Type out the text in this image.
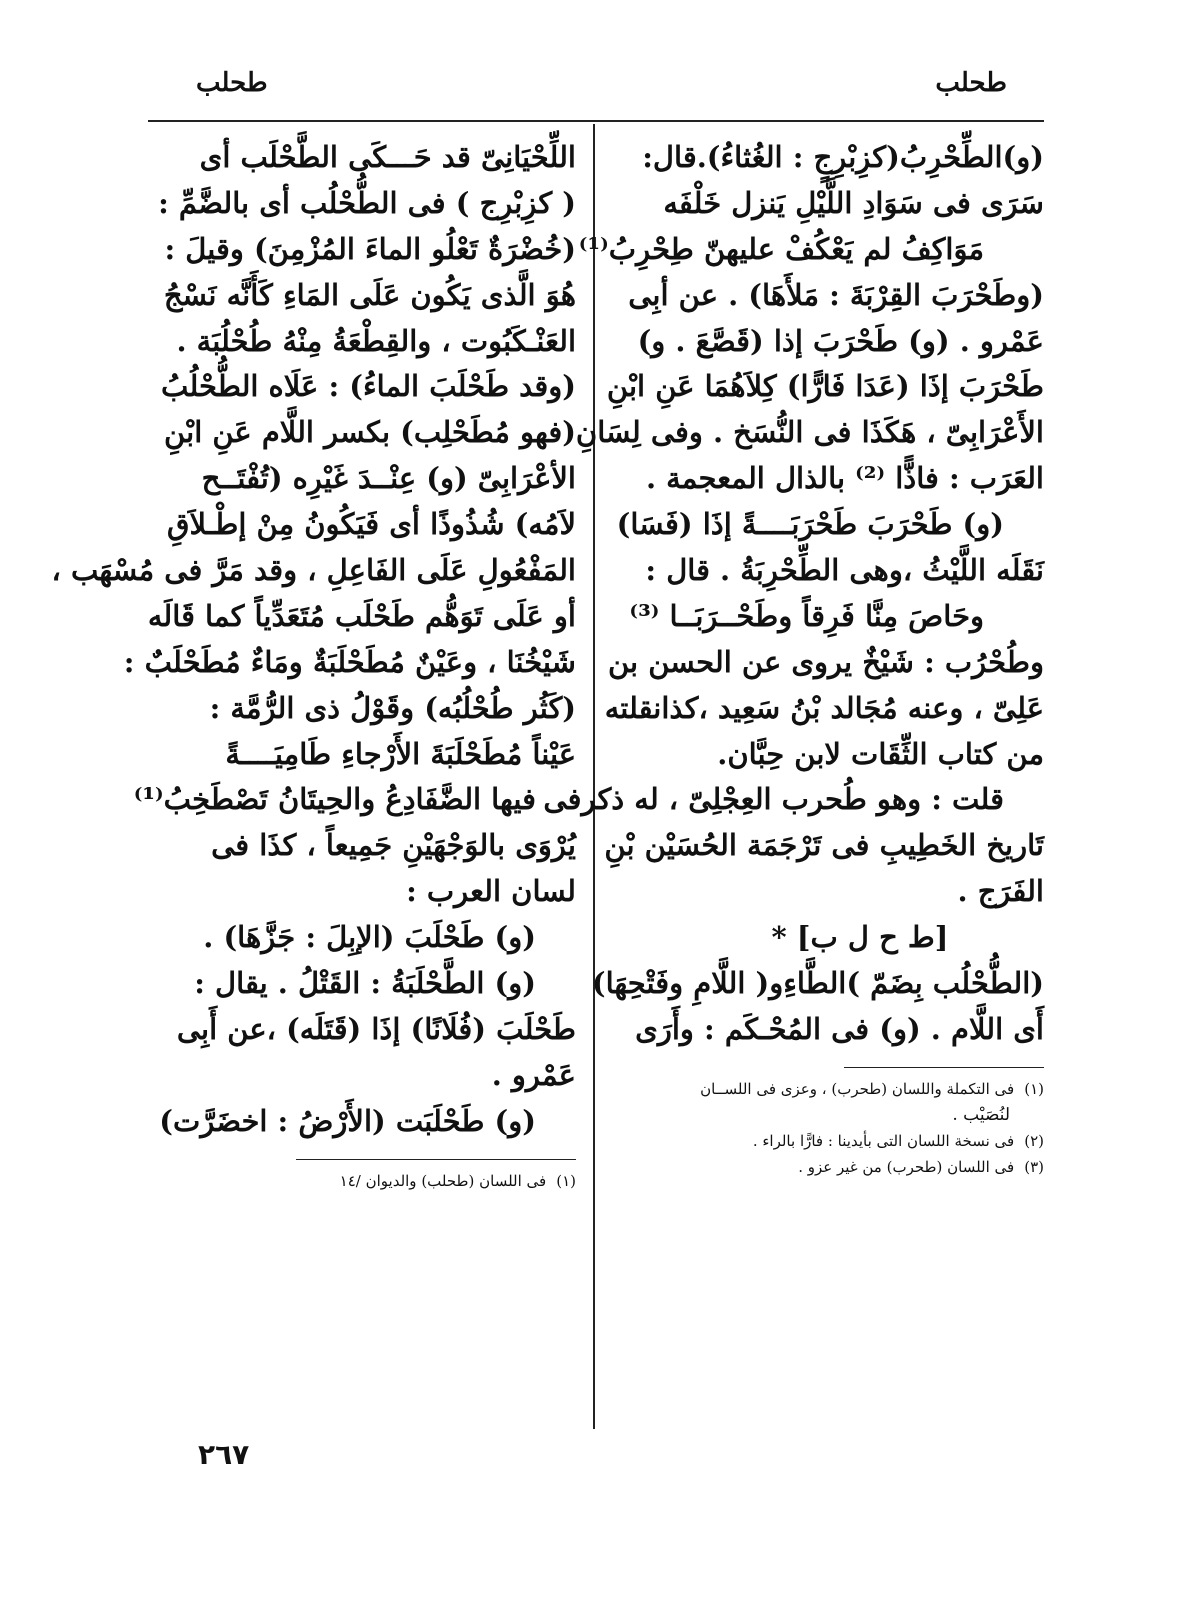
طحلب
طحلب
(و)الطِّحْرِبُ(كزِبْرِجٍ : الغُثاءُ).قال:
سَرَى فى سَوَادِ اللَّيْلِ يَنزل خَلْفَه
مَوَاكِفُ لم يَعْكُفْ عليهنّ طِحْرِبُ⁽¹⁾
(وطَحْرَبَ القِرْبَةَ : مَلأَهَا) . عن أبِى
عَمْرو . (و) طَحْرَبَ إذا (قَصَّعَ . و)
طَحْرَبَ إذَا (عَدَا فَارًّا) كِلاَهُمَا عَنِ ابْنِ
الأَعْرَابِىّ ، هَكَذَا فى النُّسَخ . وفى لِسَانِ
العَرَب : فاذًّا ⁽²⁾ بالذال المعجمة .
(و) طَحْرَبَ طَحْرَبَــــةً إذَا (فَسَا)
نَقَلَه اللَّيْثُ ،وهى الطِّحْرِبَةُ . قال :
وحَاصَ مِنَّا فَرِقاً وطَحْــرَبَــا ⁽³⁾
وطُحْرُب : شَيْخٌ يروى عن الحسن بن
عَلِىّ ، وعنه مُجَالد بْنُ سَعِيد ،كذانقلته
من كتاب الثِّقَات لابن حِبَّان.
قلت : وهو طُحرب العِجْلِىّ ، له ذكرفى
تَاريخ الخَطِيبِ فى تَرْجَمَة الحُسَيْن بْنِ
الفَرَج .
[ط ح ل ب] *
(الطُّحْلُب بِضَمّ )الطَّاءِو( اللَّامِ وفَتْحِهَا)
أَى اللَّام . (و) فى المُحْـكَم : وأَرَى
(١)فى التكملة واللسان (طحرب) ، وعزى فى اللســان
لنُصَيْب .
(٢)فى نسخة اللسان التى بأيدينا : فارًّا بالراء .
(٣)فى اللسان (طحرب) من غير عزو .
اللِّحْيَانِىّ قد حَـــكَى الطَّحْلَب أى
( كزِبْرِج ) فى الطُّحْلُب أى بالضَّمِّ :
(خُضْرَةٌ تَعْلُو الماءَ المُزْمِنَ) وقيلَ :
هُوَ الَّذى يَكُون عَلَى المَاءِ كَأَنَّه نَسْجُ
العَنْـكَبُوت ، والقِطْعَةُ مِنْهُ طُحْلُبَة .
(وقد طَحْلَبَ الماءُ) : عَلَاه الطُّحْلُبُ
(فهو مُطَحْلِب) بكسر اللَّام عَنِ ابْنِ
الأعْرَابِىّ (و) عِنْــدَ غَيْرِه (تُفْتَــح
لاَمُه) شُذُوذًا أى فَيَكُونُ مِنْ إطْـلاَقِ
المَفْعُولِ عَلَى الفَاعِلِ ، وقد مَرَّ فى مُسْهَب ،
أو عَلَى تَوَهُّم طَحْلَب مُتَعَدِّياً كما قَالَه
شَيْخُنَا ، وعَيْنٌ مُطَحْلَبَةٌ ومَاءٌ مُطَحْلَبٌ :
(كَثُر طُحْلُبُه) وقَوْلُ ذى الرُّمَّة :
عَيْناً مُطَحْلَبَةَ الأَرْجاءِ طَامِيَــــةً
فيها الضَّفَادِعُ والحِيتَانُ تَصْطَخِبُ⁽¹⁾
يُرْوَى بالوَجْهَيْنِ جَمِيعاً ، كذَا فى
لسان العرب :
(و) طَحْلَبَ (الإبِلَ : جَزَّهَا) .
(و) الطَّحْلَبَةُ : القَتْلُ . يقال :
طَحْلَبَ (فُلَانًا) إذَا (قَتَلَه) ،عن أَبِى
عَمْرو .
(و) طَحْلَبَت (الأَرْضُ : اخضَرَّت)
(١)فى اللسان (طحلب) والديوان /١٤
٢٦٧
